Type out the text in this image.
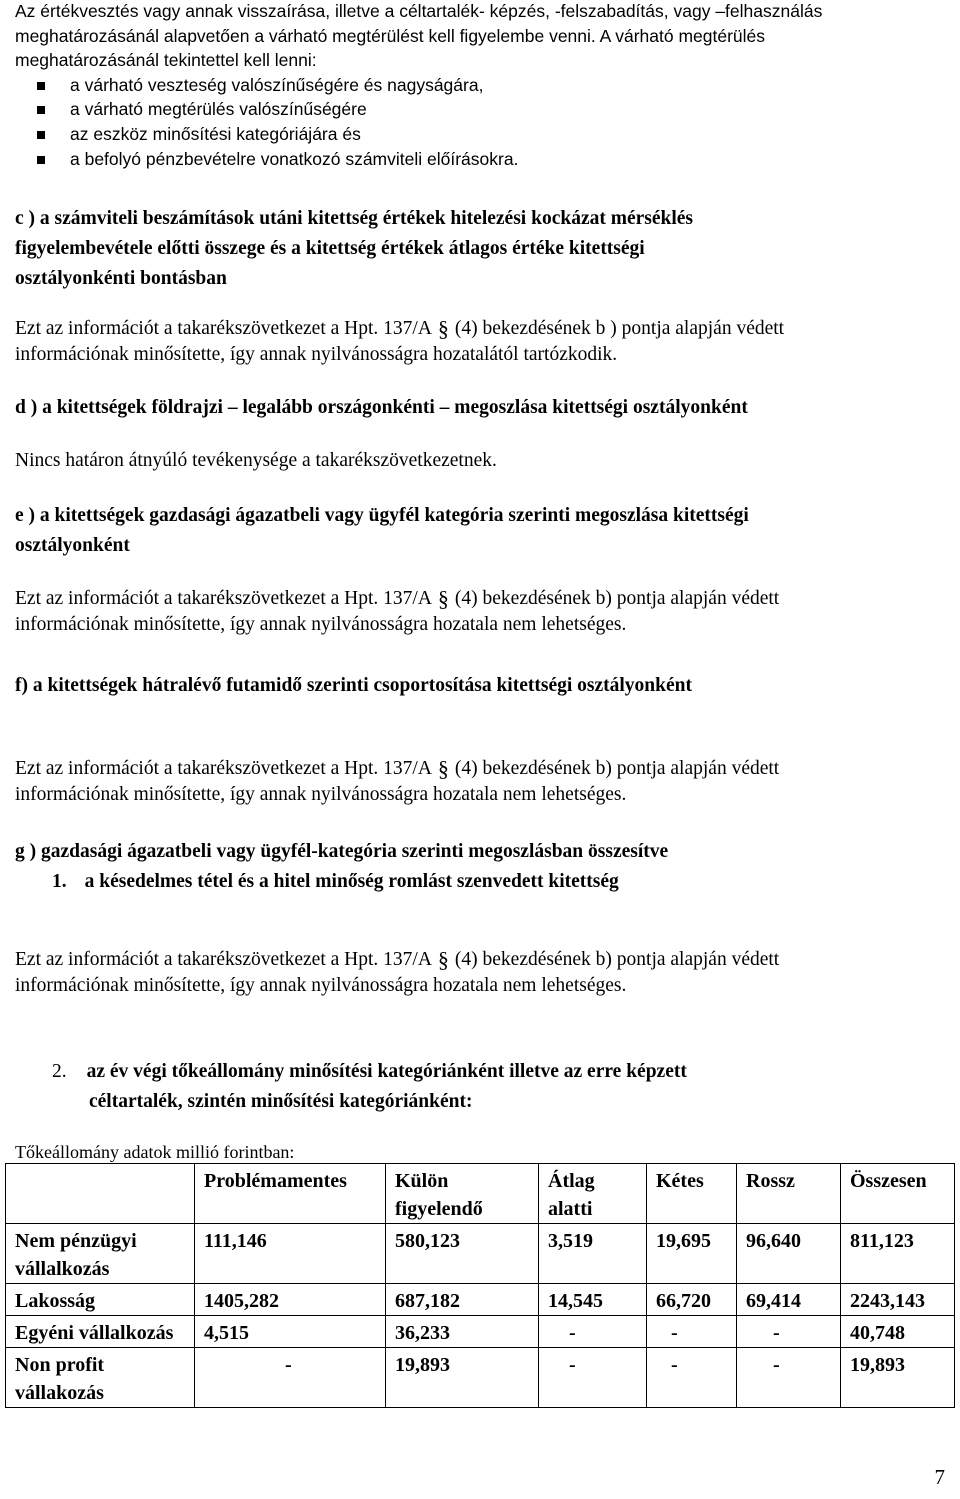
Az értékvesztés vagy annak visszaírása, illetve a céltartalék- képzés, -felszabadítás, vagy –felhasználás
meghatározásánál alapvetően a várható megtérülést kell figyelembe venni. A várható megtérülés
meghatározásánál tekintettel kell lenni:
a várható veszteség valószínűségére és nagyságára,
a várható megtérülés valószínűségére
az eszköz minősítési kategóriájára és
a befolyó pénzbevételre vonatkozó számviteli előírásokra.
c ) a számviteli beszámítások utáni kitettség értékek hitelezési kockázat mérséklés
figyelembevétele előtti összege és a kitettség értékek átlagos értéke kitettségi
osztályonkénti bontásban
Ezt az információt a takarékszövetkezet a Hpt. 137/A § (4) bekezdésének b ) pontja alapján védett
információnak minősítette, így annak nyilvánosságra hozatalától tartózkodik.
d ) a kitettségek földrajzi – legalább országonkénti – megoszlása kitettségi osztályonként
Nincs határon átnyúló tevékenysége a takarékszövetkezetnek.
e ) a kitettségek gazdasági ágazatbeli vagy ügyfél kategória szerinti megoszlása kitettségi
osztályonként
Ezt az információt a takarékszövetkezet a Hpt. 137/A § (4) bekezdésének b) pontja alapján védett
információnak minősítette, így annak nyilvánosságra hozatala nem lehetséges.
f) a kitettségek hátralévő futamidő szerinti csoportosítása kitettségi osztályonként
Ezt az információt a takarékszövetkezet a Hpt. 137/A § (4) bekezdésének b) pontja alapján védett
információnak minősítette, így annak nyilvánosságra hozatala nem lehetséges.
g ) gazdasági ágazatbeli vagy ügyfél-kategória szerinti megoszlásban összesítve
1. a késedelmes tétel és a hitel minőség romlást szenvedett kitettség
Ezt az információt a takarékszövetkezet a Hpt. 137/A § (4) bekezdésének b) pontja alapján védett
információnak minősítette, így annak nyilvánosságra hozatala nem lehetséges.
2. az év végi tőkeállomány minősítési kategóriánként illetve az erre képzett
céltartalék, szintén minősítési kategóriánként:
Tőkeállomány adatok millió forintban:
	Problémamentes	Külön figyelendő	Átlag alatti	Kétes	Rossz	Összesen
Nem pénzügyi vállalkozás	111,146	580,123	3,519	19,695	96,640	811,123
Lakosság	1405,282	687,182	14,545	66,720	69,414	2243,143
Egyéni vállalkozás	4,515	36,233	-	-	-	40,748
Non profit vállakozás	-	19,893	-	-	-	19,893
7
